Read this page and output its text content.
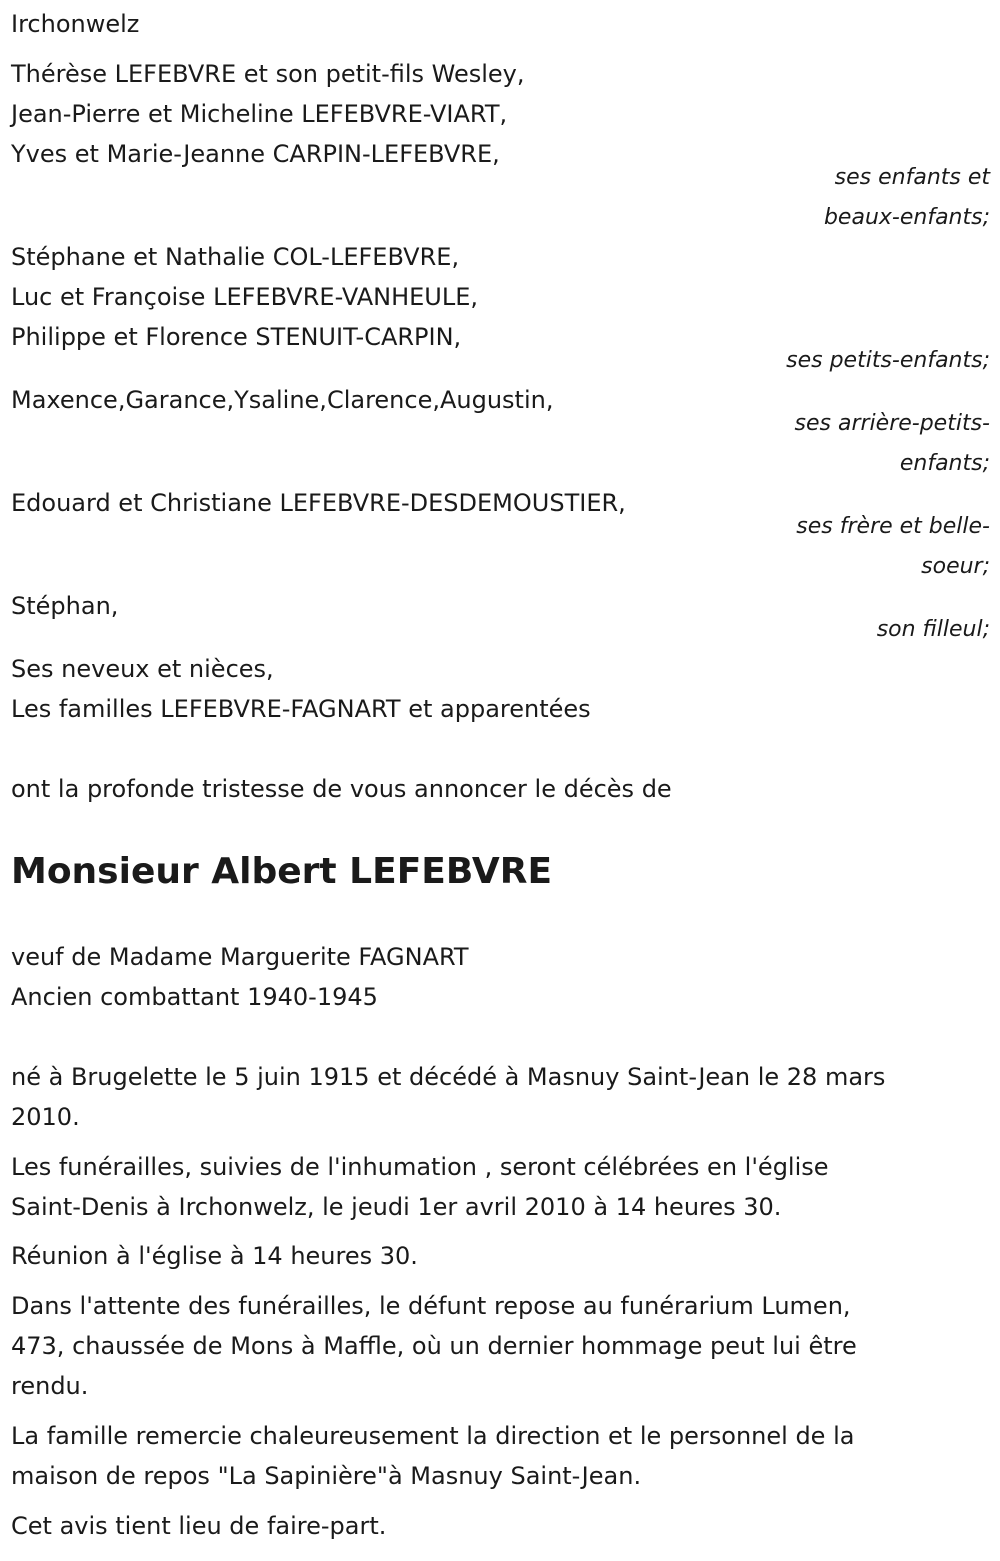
Irchonwelz
Thérèse LEFEBVRE et son petit-fils Wesley,
Jean-Pierre et Micheline LEFEBVRE-VIART,
Yves et Marie-Jeanne CARPIN-LEFEBVRE,
ses enfants et
beaux-enfants;
Stéphane et Nathalie COL-LEFEBVRE,
Luc et Françoise LEFEBVRE-VANHEULE,
Philippe et Florence STENUIT-CARPIN,
ses petits-enfants;
Maxence,Garance,Ysaline,Clarence,Augustin,
ses arrière-petits-
enfants;
Edouard et Christiane LEFEBVRE-DESDEMOUSTIER,
ses frère et belle-
soeur;
Stéphan,
son filleul;
Ses neveux et nièces,
Les familles LEFEBVRE-FAGNART et apparentées
ont la profonde tristesse de vous annoncer le décès de
Monsieur Albert LEFEBVRE
veuf de Madame Marguerite FAGNART
Ancien combattant 1940-1945
né à Brugelette le 5 juin 1915 et décédé à Masnuy Saint-Jean le 28 mars
2010.
Les funérailles, suivies de l'inhumation , seront célébrées en l'église
Saint-Denis à Irchonwelz, le jeudi 1er avril 2010 à 14 heures 30.
Réunion à l'église à 14 heures 30.
Dans l'attente des funérailles, le défunt repose au funérarium Lumen,
473, chaussée de Mons à Maffle, où un dernier hommage peut lui être
rendu.
La famille remercie chaleureusement la direction et le personnel de la
maison de repos "La Sapinière"à Masnuy Saint-Jean.
Cet avis tient lieu de faire-part.
